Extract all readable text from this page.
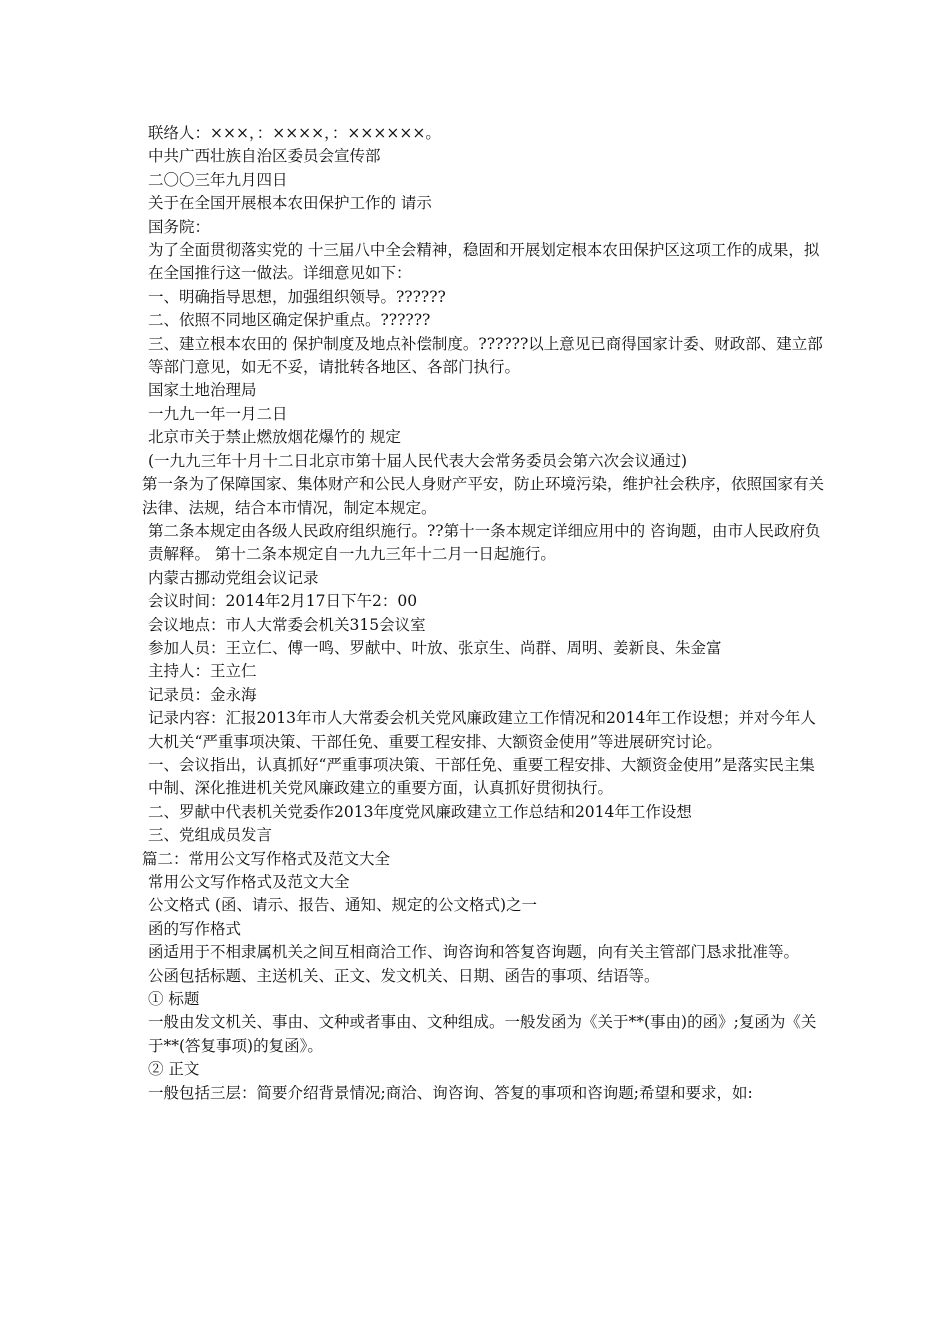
联络人：×××，：××××，：××××××。

中共广西壮族自治区委员会宣传部

二〇〇三年九月四日

关于在全国开展根本农田保护工作的 请示

国务院：

为了全面贯彻落实党的 十三届八中全会精神，稳固和开展划定根本农田保护区这项工作的成果，拟在全国推行这一做法。详细意见如下：

一、明确指导思想，加强组织领导。??????

二、依照不同地区确定保护重点。??????

三、建立根本农田的 保护制度及地点补偿制度。??????以上意见已商得国家计委、财政部、建立部等部门意见，如无不妥，请批转各地区、各部门执行。

国家土地治理局

一九九一年一月二日

北京市关于禁止燃放烟花爆竹的 规定

(一九九三年十月十二日北京市第十届人民代表大会常务委员会第六次会议通过)

第一条为了保障国家、集体财产和公民人身财产平安，防止环境污染，维护社会秩序，依照国家有关法律、法规，结合本市情况，制定本规定。

第二条本规定由各级人民政府组织施行。??第十一条本规定详细应用中的 咨询题，由市人民政府负责解释。 第十二条本规定自一九九三年十二月一日起施行。

内蒙古挪动党组会议记录

会议时间：2014年2月17日下午2：00

会议地点：市人大常委会机关315会议室

参加人员：王立仁、傅一鸣、罗献中、叶放、张京生、尚群、周明、姜新良、朱金富

主持人：王立仁

记录员：金永海

记录内容：汇报2013年市人大常委会机关党风廉政建立工作情况和2014年工作设想；并对今年人大机关“严重事项决策、干部任免、重要工程安排、大额资金使用”等进展研究讨论。

一、会议指出，认真抓好“严重事项决策、干部任免、重要工程安排、大额资金使用”是落实民主集中制、深化推进机关党风廉政建立的重要方面，认真抓好贯彻执行。

二、罗献中代表机关党委作2013年度党风廉政建立工作总结和2014年工作设想

三、党组成员发言

篇二：常用公文写作格式及范文大全

常用公文写作格式及范文大全

公文格式 (函、请示、报告、通知、规定的公文格式)之一

函的写作格式

函适用于不相隶属机关之间互相商洽工作、询咨询和答复咨询题，向有关主管部门恳求批准等。

公函包括标题、主送机关、正文、发文机关、日期、函告的事项、结语等。

① 标题

一般由发文机关、事由、文种或者事由、文种组成。一般发函为《关于**(事由)的函》;复函为《关于**(答复事项)的复函》。

② 正文

一般包括三层：简要介绍背景情况;商洽、询咨询、答复的事项和咨询题;希望和要求，如:
